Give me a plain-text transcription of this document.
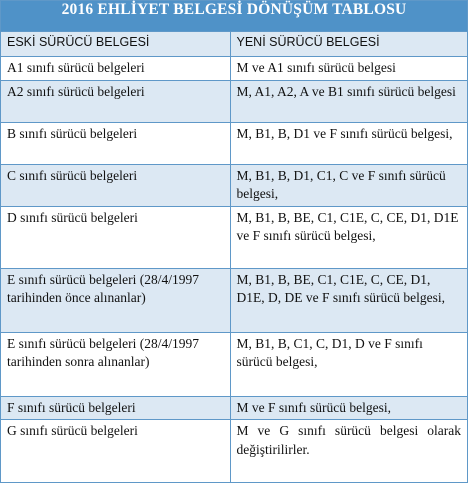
2016 EHLİYET BELGESİ DÖNÜŞÜM TABLOSU	
ESKİ SÜRÜCÜ BELGESİ	YENİ SÜRÜCÜ BELGESİ
A1 sınıfı sürücü belgeleri	M ve A1 sınıfı sürücü belgesi
A2 sınıfı sürücü belgeleri	M, A1, A2, A ve B1 sınıfı sürücü belgesi
B sınıfı sürücü belgeleri	M, B1, B, D1 ve F sınıfı sürücü belgesi,
C sınıfı sürücü belgeleri	M, B1, B, D1, C1, C ve F sınıfı sürücü belgesi,
D sınıfı sürücü belgeleri	M, B1, B, BE, C1, C1E, C, CE, D1, D1E ve F sınıfı sürücü belgesi,
E sınıfı sürücü belgeleri (28/4/1997 tarihinden önce alınanlar)	M, B1, B, BE, C1, C1E, C, CE, D1, D1E, D, DE ve F sınıfı sürücü belgesi,
E sınıfı sürücü belgeleri (28/4/1997 tarihinden sonra alınanlar)	M, B1, B, C1, C, D1, D ve F sınıfı sürücü belgesi,
F sınıfı sürücü belgeleri	M ve F sınıfı sürücü belgesi,
G sınıfı sürücü belgeleri	M ve G sınıfı sürücü belgesi olarak değiştirilirler.
